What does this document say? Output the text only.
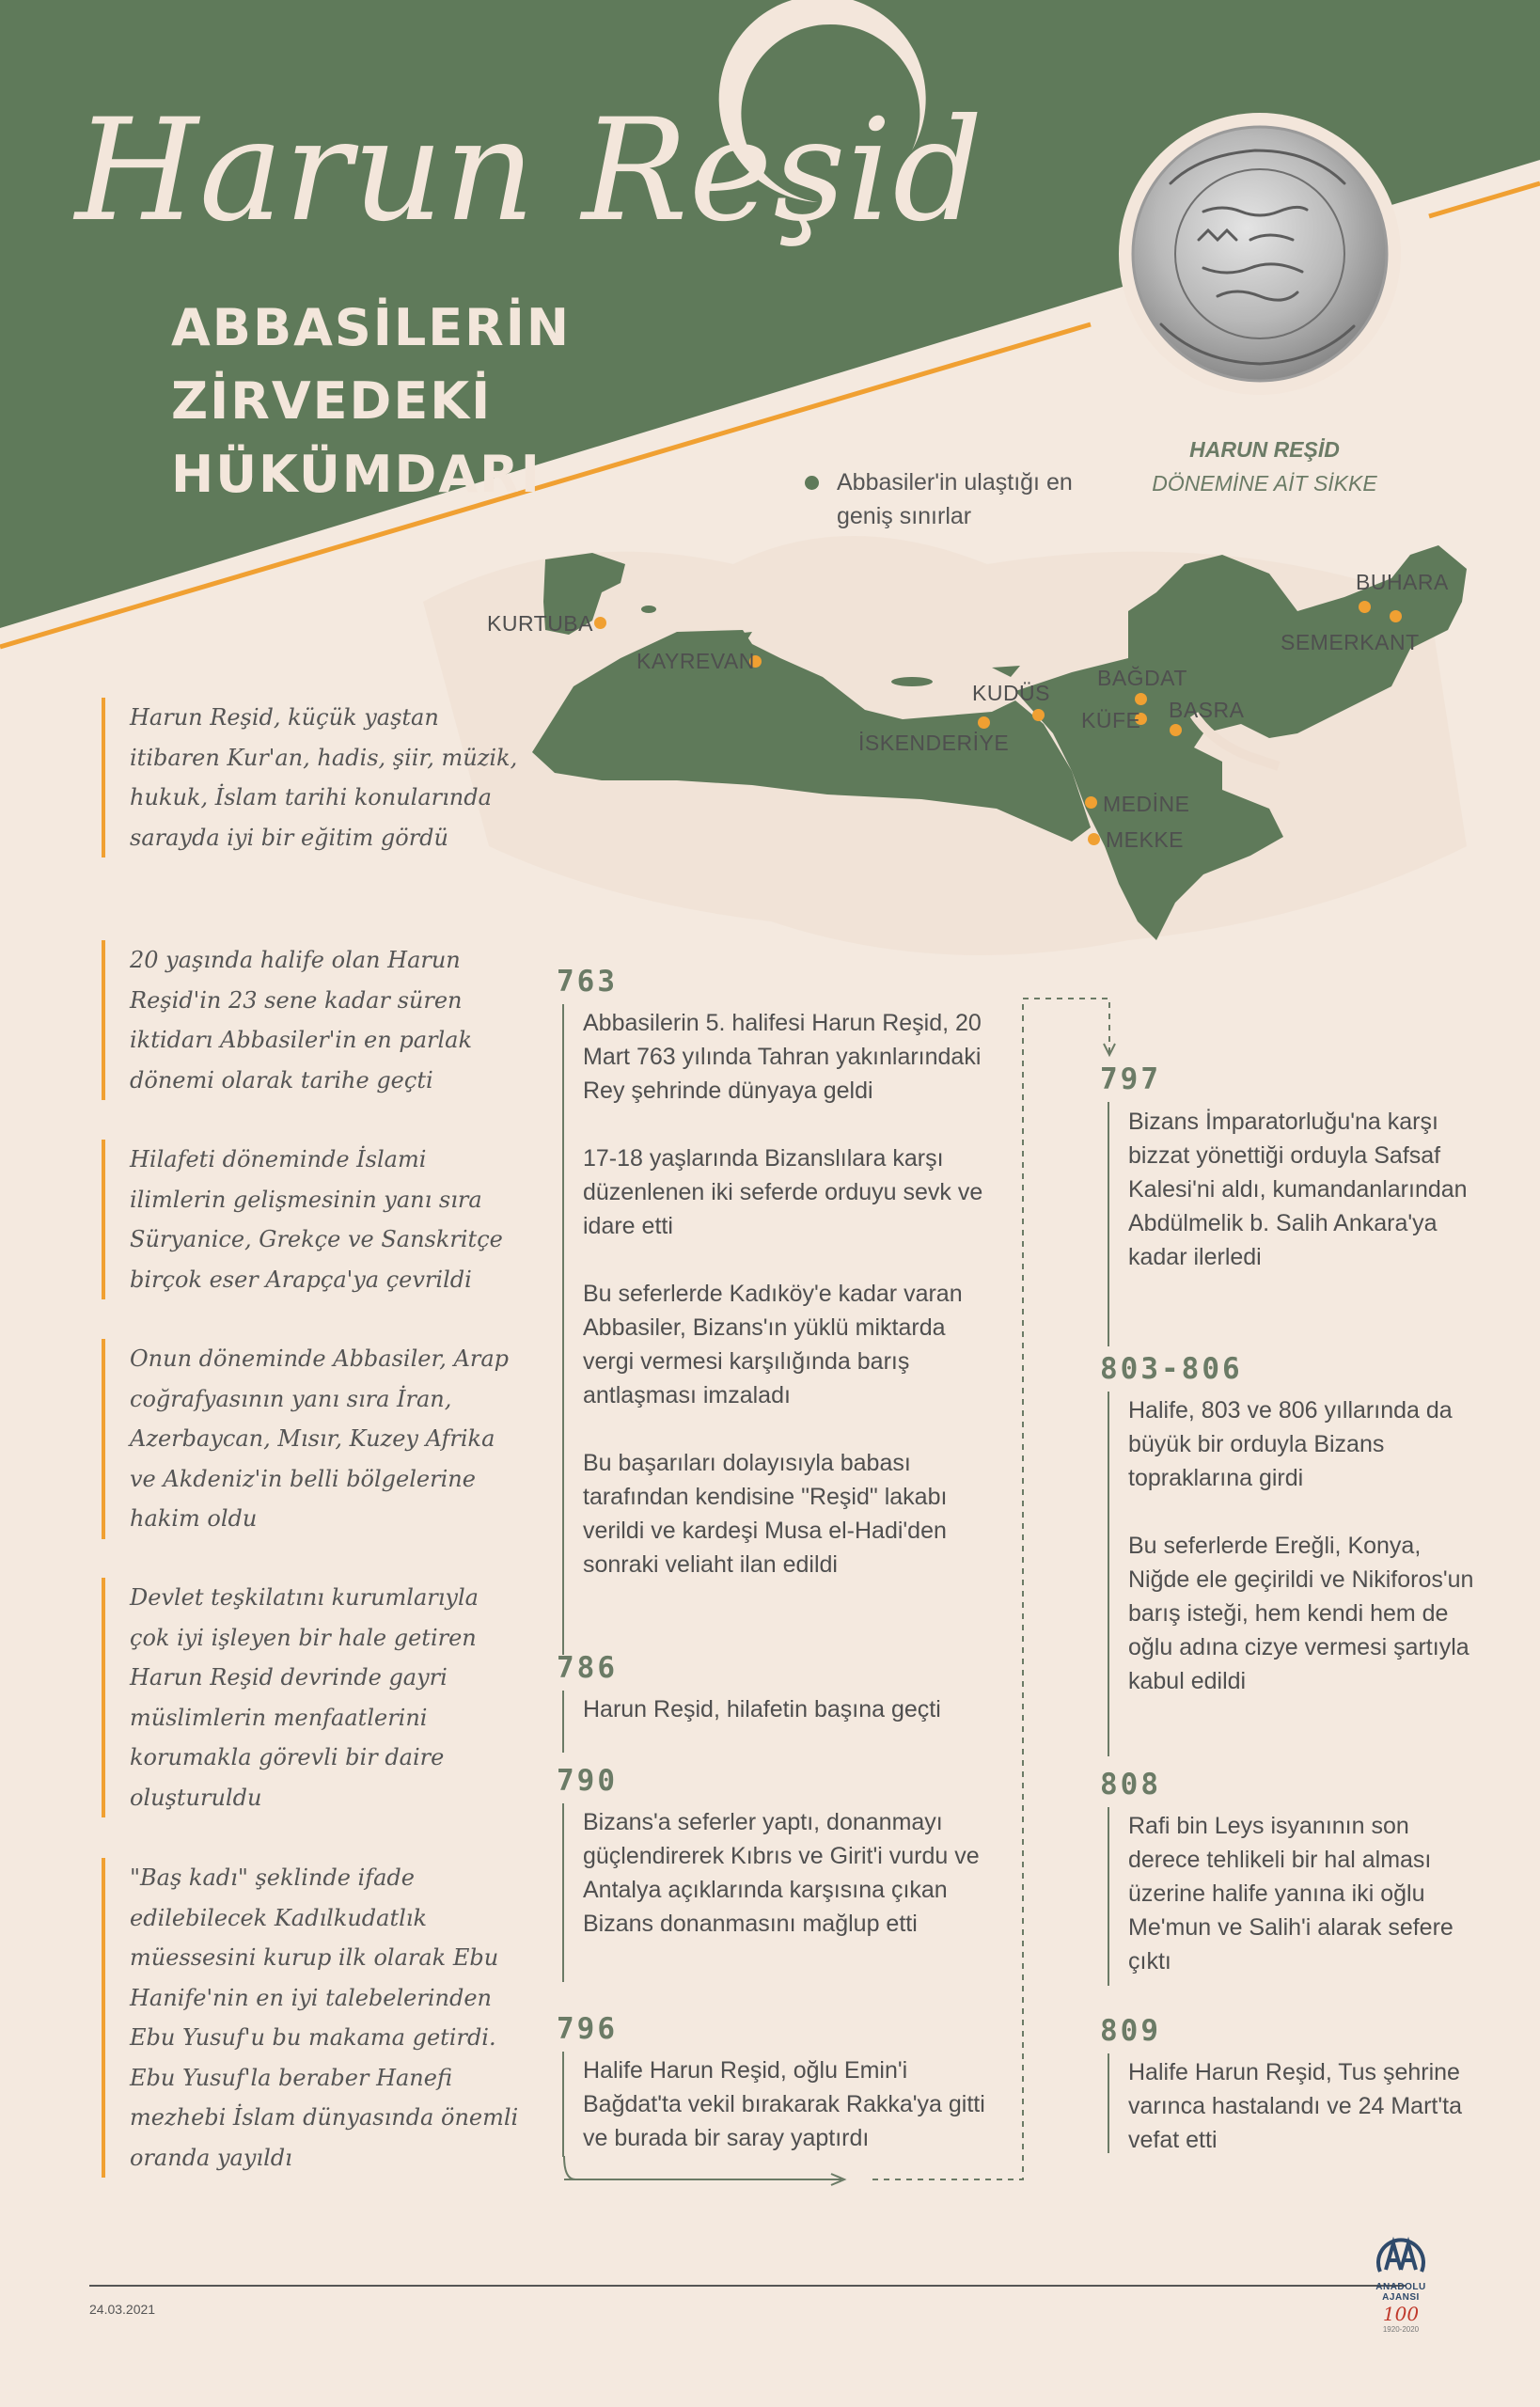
Harun Reşid
ABBASİLERİN ZİRVEDEKİ HÜKÜMDARI	HARUN REŞİD
DÖNEMİNE AİT SİKKE
Abbasiler'in ulaştığı en geniş sınırlar
KURTUBA
KAYREVAN
KUDÜS
İSKENDERİYE
BAĞDAT
KÜFE BASRA
MEDİNE
MEKKE
SEMERKANT
BUHARA
Harun Reşid, küçük yaştan itibaren Kur'an, hadis, şiir, müzik, hukuk, İslam tarihi konularında sarayda iyi bir eğitim gördü
20 yaşında halife olan Harun Reşid'in 23 sene kadar süren iktidarı Abbasiler'in en parlak dönemi olarak tarihe geçti
Hilafeti döneminde İslami ilimlerin gelişmesinin yanı sıra Süryanice, Grekçe ve Sanskritçe birçok eser Arapça'ya çevrildi
Onun döneminde Abbasiler, Arap coğrafyasının yanı sıra İran, Azerbaycan, Mısır, Kuzey Afrika ve Akdeniz'in belli bölgelerine hakim oldu
Devlet teşkilatını kurumlarıyla çok iyi işleyen bir hale getiren Harun Reşid devrinde gayri müslimlerin menfaatlerini korumakla görevli bir daire oluşturuldu
"Baş kadı" şeklinde ifade edilebilecek Kadılkudatlık müessesini kurup ilk olarak Ebu Hanife'nin en iyi talebelerinden Ebu Yusuf'u bu makama getirdi. Ebu Yusuf'la beraber Hanefi mezhebi İslam dünyasında önemli oranda yayıldı
763

Abbasilerin 5. halifesi Harun Reşid, 20 Mart 763 yılında Tahran yakınlarındaki Rey şehrinde dünyaya geldi

17-18 yaşlarında Bizanslılara karşı düzenlenen iki seferde orduyu sevk ve idare etti

Bu seferlerde Kadıköy'e kadar varan Abbasiler, Bizans'ın yüklü miktarda vergi vermesi karşılığında barış antlaşması imzaladı

Bu başarıları dolayısıyla babası tarafından kendisine "Reşid" lakabı verildi ve kardeşi Musa el-Hadi'den sonraki veliaht ilan edildi

786

Harun Reşid, hilafetin başına geçti

790

Bizans'a seferler yaptı, donanmayı güçlendirerek Kıbrıs ve Girit'i vurdu ve Antalya açıklarında karşısına çıkan Bizans donanmasını mağlup etti

796

Halife Harun Reşid, oğlu Emin'i Bağdat'ta vekil bırakarak Rakka'ya gitti ve burada bir saray yaptırdı

797

Bizans İmparatorluğu'na karşı bizzat yönettiği orduyla Safsaf Kalesi'ni aldı, kumandanlarından Abdülmelik b. Salih Ankara'ya kadar ilerledi

803-806

Halife, 803 ve 806 yıllarında da büyük bir orduyla Bizans topraklarına girdi

Bu seferlerde Ereğli, Konya, Niğde ele geçirildi ve Nikiforos'un barış isteği, hem kendi hem de oğlu adına cizye vermesi şartıyla kabul edildi

808

Rafi bin Leys isyanının son derece tehlikeli bir hal alması üzerine halife yanına iki oğlu Me'mun ve Salih'i alarak sefere çıktı

809

Halife Harun Reşid, Tus şehrine varınca hastalandı ve 24 Mart'ta vefat etti

24.03.2021
ANADOLU AJANSI
100
1920-2020
